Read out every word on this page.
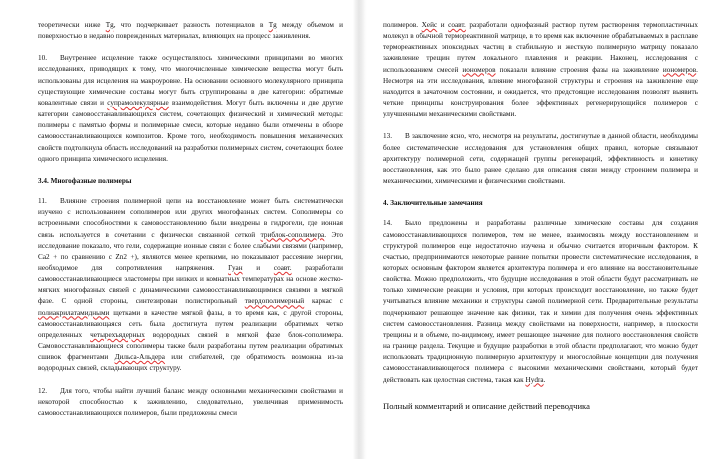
теоретически ниже Tg, что подчеркивает разность потенциалов в Tg между объемом и поверхностью в недавно поврежденных материалах, влияющих на процесс заживления.

10. Внутреннее исцеление также осуществлялось химическими принципами во многих исследованиях, приводящих к тому, что многочисленные химические вещества могут быть использованы для исцеления на макроуровне. На основании основного молекулярного принципа существующие химические составы могут быть сгруппированы в две категории: обратимые ковалентные связи и супрамолекулярные взаимодействия. Могут быть включены и две другие категории самовосстанавливающихся систем, сочетающих физический и химический методы: полимеры с памятью формы и полимерные смеси, которые недавно были отмечены в обзоре самовосстанавливающихся композитов. Кроме того, необходимость повышения механических свойств подтолкнула область исследований на разработки полимерных систем, сочетающих более одного принципа химического исцеления.

3.4. Многофазные полимеры

11. Влияние строения полимерной цепи на восстановление может быть систематически изучено с использованием сополимеров или других многофазных систем. Сополимеры со встроенными способностями к самовосстановлению были внедрены в гидрогели, где ионная связь используется в сочетании с физически связанной сеткой триблок-сополимера. Это исследование показало, что гели, содержащие ионные связи с более слабыми связями (например, Ca2 + по сравнению с Zn2 +), являются менее крепкими, но показывают рассеяние энергии, необходимое для сопротивления напряжения. Гуан и соавт. разработали самовосстанавливающиеся эластомеры при низких и комнатных температурах на основе жестко-мягких многофазных связей с динамическими самовосстанавливающимися связями в мягкой фазе. С одной стороны, синтезирован полистирольный твердополимерный каркас с полиакрилатамидными щетками в качестве мягкой фазы, в то время как, с другой стороны, самовосстанавливающаяся сеть была достигнута путем реализации обратимых четко определенных четырехъядерных водородных связей в мягкой фазе блок-сополимера. Самовосстанавливающиеся сополимеры также были разработаны путем реализации обратимых сшивок фрагментами Дильса-Альдера или сгибателей, где обратимость возможна из-за водородных связей, складывающих структуру.

12. Для того, чтобы найти лучший баланс между основными механическими свойствами и некоторой способностью к заживлению, следовательно, увеличивая применимость самовосстанавливающихся полимеров, были предложены смеси

полимеров. Хейс и соавт. разработали однофазный раствор путем растворения термопластичных молекул в обычной термореактивной матрице, в то время как включение обрабатываемых в расплаве термореактивных эпоксидных частиц в стабильную и жесткую полимерную матрицу показало заживление трещин путем локального плавления и реакции. Наконец, исследования с использованием смесей иономеров показали влияние строения фазы на заживление иономеров. Несмотря на эти исследования, влияние многофазной структуры и строения на заживление еще находится в зачаточном состоянии, и ожидается, что предстоящие исследования позволят выявить четкие принципы конструирования более эффективных регенерирующийся полимеров с улучшенными механическими свойствами.

13. В заключение ясно, что, несмотря на результаты, достигнутые в данной области, необходимы более систематические исследования для установления общих правил, которые связывают архитектуру полимерной сети, содержащей группы регенераций, эффективность и кинетику восстановления, как это было ранее сделано для описания связи между строением полимера и механическими, химическими и физическими свойствами.

4. Заключительные замечания

14. Было предложены и разработаны различные химические составы для создания самовосстанавливающихся полимеров, тем не менее, взаимосвязь между восстановлением и структурой полимеров еще недостаточно изучена и обычно считается вторичным фактором. К счастью, предпринимаются некоторые ранние попытки провести систематические исследования, в которых основным фактором является архитектура полимера и его влияние на восстановительные свойства. Можно предположить, что будущие исследования в этой области будут рассматривать не только химические реакции и условия, при которых происходит восстановление, но также будет учитываться влияние механики и структуры самой полимерной сети. Предварительные результаты подчеркивают решающее значение как физики, так и химии для получения очень эффективных систем самовосстановления. Разница между свойствами на поверхности, например, в плоскости трещины и в объеме, по-видимому, имеет решающее значение для полного восстановления свойств на границе раздела. Текущие и будущие разработки в этой области предполагают, что можно будет использовать традиционную полимерную архитектуру и многослойные концепции для получения самовосстанавливающегося полимера с высокими механическими свойствами, который будет действовать как целостная система, такая как Hydra.

Полный комментарий и описание действий переводчика
